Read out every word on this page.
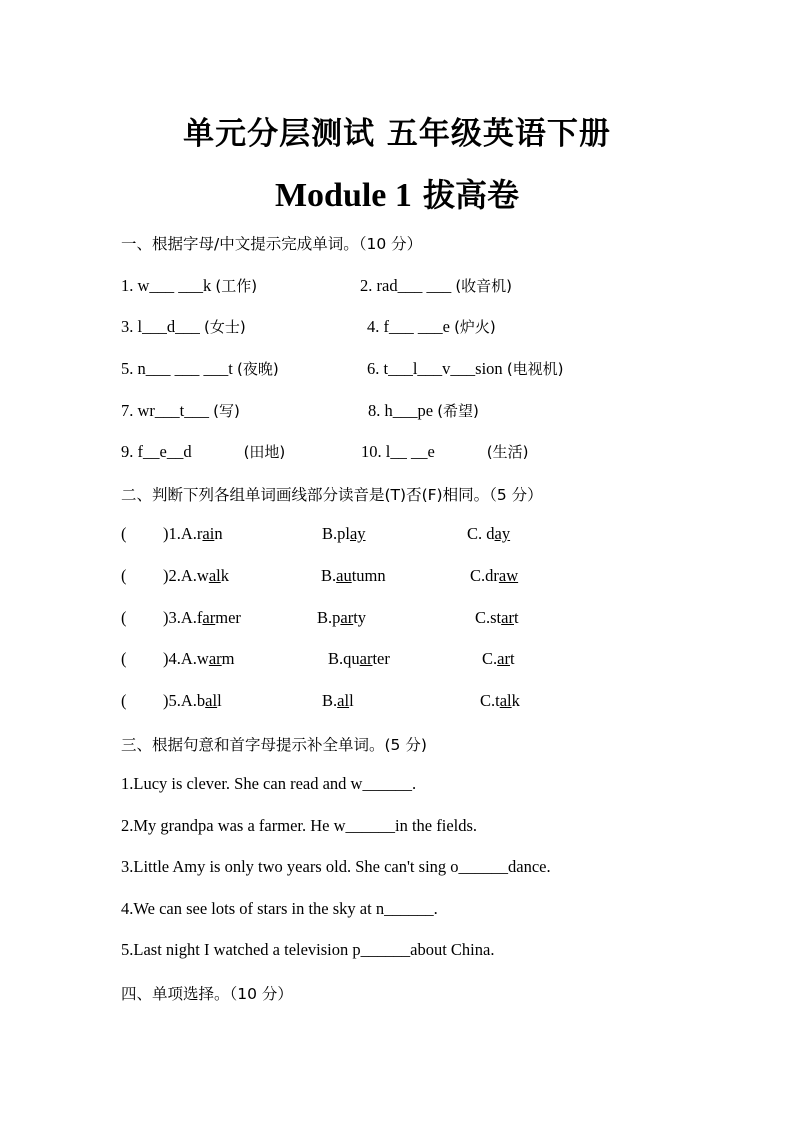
单元分层测试 五年级英语下册
Module 1 拔高卷
一、根据字母/中文提示完成单词。（10 分）
1. w___ ___k (工作)	2. rad___ ___ (收音机)
3. l___d___ (女士)	4. f___ ___e (炉火)
5. n___ ___ ___t (夜晚)	6. t___l___v___sion (电视机)
7. wr___t___ (写)	8. h___pe (希望)
9. f__e__d	(田地)	10. l__ __e	(生活)
二、判断下列各组单词画线部分读音是(T)否(F)相同。（5 分）
( )1.A.rain	B.play	C. day
( )2.A.walk	B.autumn	C.draw
( )3.A.farmer	B.party	C.start
( )4.A.warm	B.quarter	C.art
( )5.A.ball	B.all	C.talk
三、根据句意和首字母提示补全单词。(5 分)
1.Lucy is clever. She can read and w______.
2.My grandpa was a farmer. He w______in the fields.
3.Little Amy is only two years old. She can't sing o______dance.
4.We can see lots of stars in the sky at n______.
5.Last night I watched a television p______about China.
四、单项选择。（10 分）
